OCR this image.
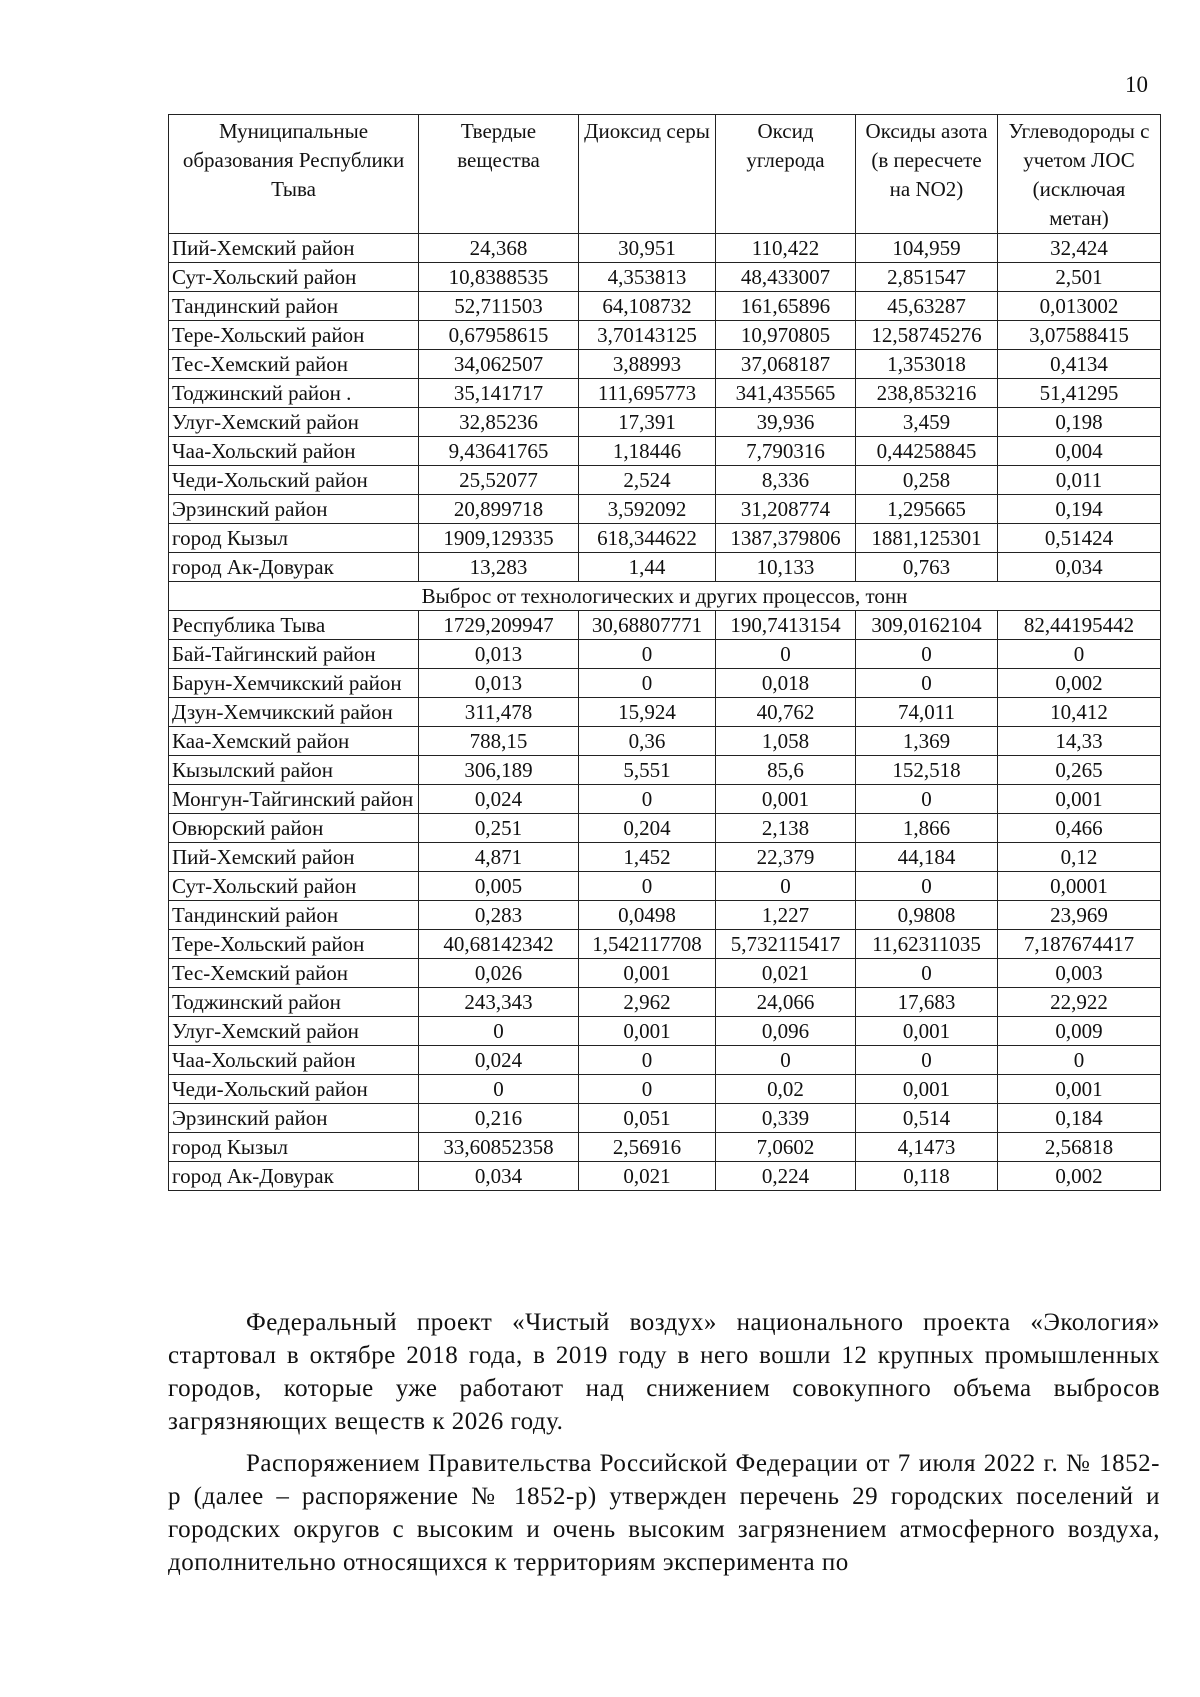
10
Муниципальные образования Республики Тыва	Твердые вещества	Диоксид серы	Оксид углерода	Оксиды азота (в пересчете на NO2)	Углеводороды с учетом ЛОС (исключая метан)
Пий-Хемский район	24,368	30,951	110,422	104,959	32,424
Сут-Хольский район	10,8388535	4,353813	48,433007	2,851547	2,501
Тандинский район	52,711503	64,108732	161,65896	45,63287	0,013002
Тере-Хольский район	0,67958615	3,70143125	10,970805	12,58745276	3,07588415
Тес-Хемский район	34,062507	3,88993	37,068187	1,353018	0,4134
Тоджинский район .	35,141717	111,695773	341,435565	238,853216	51,41295
Улуг-Хемский район	32,85236	17,391	39,936	3,459	0,198
Чаа-Хольский район	9,43641765	1,18446	7,790316	0,44258845	0,004
Чеди-Хольский район	25,52077	2,524	8,336	0,258	0,011
Эрзинский район	20,899718	3,592092	31,208774	1,295665	0,194
город Кызыл	1909,129335	618,344622	1387,379806	1881,125301	0,51424
город Ак-Довурак	13,283	1,44	10,133	0,763	0,034
Выброс от технологических и других процессов, тонн					
Республика Тыва	1729,209947	30,68807771	190,7413154	309,0162104	82,44195442
Бай-Тайгинский район	0,013	0	0	0	0
Барун-Хемчикский район	0,013	0	0,018	0	0,002
Дзун-Хемчикский район	311,478	15,924	40,762	74,011	10,412
Каа-Хемский район	788,15	0,36	1,058	1,369	14,33
Кызылский район	306,189	5,551	85,6	152,518	0,265
Монгун-Тайгинский район	0,024	0	0,001	0	0,001
Овюрский район	0,251	0,204	2,138	1,866	0,466
Пий-Хемский район	4,871	1,452	22,379	44,184	0,12
Сут-Хольский район	0,005	0	0	0	0,0001
Тандинский район	0,283	0,0498	1,227	0,9808	23,969
Тере-Хольский район	40,68142342	1,542117708	5,732115417	11,62311035	7,187674417
Тес-Хемский район	0,026	0,001	0,021	0	0,003
Тоджинский район	243,343	2,962	24,066	17,683	22,922
Улуг-Хемский район	0	0,001	0,096	0,001	0,009
Чаа-Хольский район	0,024	0	0	0	0
Чеди-Хольский район	0	0	0,02	0,001	0,001
Эрзинский район	0,216	0,051	0,339	0,514	0,184
город Кызыл	33,60852358	2,56916	7,0602	4,1473	2,56818
город Ак-Довурак	0,034	0,021	0,224	0,118	0,002

Федеральный проект «Чистый воздух» национального проекта «Экология» стартовал в октябре 2018 года, в 2019 году в него вошли 12 крупных промышленных городов, которые уже работают над снижением совокупного объема выбросов загрязняющих веществ к 2026 году.

Распоряжением Правительства Российской Федерации от 7 июля 2022 г. № 1852-р (далее – распоряжение № 1852-р) утвержден перечень 29 городских поселений и городских округов с высоким и очень высоким загрязнением атмосферного воздуха, дополнительно относящихся к территориям эксперимента по
